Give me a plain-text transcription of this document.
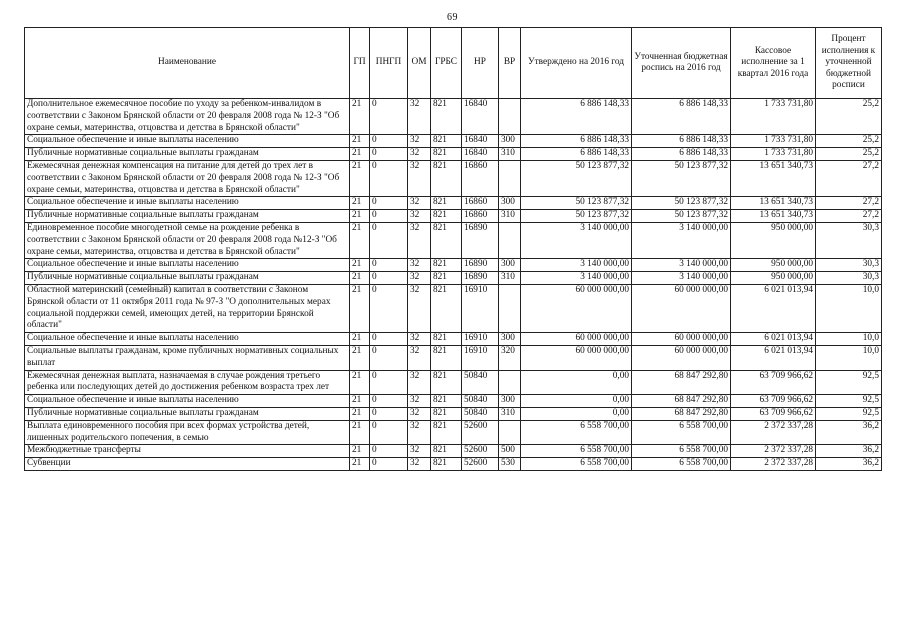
69
Наименование	ГП	ПНГП	ОМ	ГРБС	НР	ВР	Утверждено на 2016 год	Уточненная бюджетная роспись на 2016 год	Кассовое исполнение за 1 квартал 2016 года	Процент исполнения к уточненной бюджетной росписи
Дополнительное ежемесячное пособие по уходу за ребенком-инвалидом в соответствии с Законом Брянской области от 20 февраля 2008 года № 12-З "Об охране семьи, материнства, отцовства и детства в Брянской области"	21	0	32	821	16840		6 886 148,33	6 886 148,33	1 733 731,80	25,2
Социальное обеспечение и иные выплаты населению	21	0	32	821	16840	300	6 886 148,33	6 886 148,33	1 733 731,80	25,2
Публичные нормативные социальные выплаты гражданам	21	0	32	821	16840	310	6 886 148,33	6 886 148,33	1 733 731,80	25,2
Ежемесячная денежная компенсация на питание для детей до трех лет в соответствии с Законом Брянской области от 20 февраля 2008 года № 12-З "Об охране семьи, материнства, отцовства и детства в Брянской области"	21	0	32	821	16860		50 123 877,32	50 123 877,32	13 651 340,73	27,2
Социальное обеспечение и иные выплаты населению	21	0	32	821	16860	300	50 123 877,32	50 123 877,32	13 651 340,73	27,2
Публичные нормативные социальные выплаты гражданам	21	0	32	821	16860	310	50 123 877,32	50 123 877,32	13 651 340,73	27,2
Единовременное пособие многодетной семье на рождение ребенка в соответствии с Законом Брянской области от 20 февраля 2008 года №12-З "Об охране семьи, материнства, отцовства и детства в Брянской области"	21	0	32	821	16890		3 140 000,00	3 140 000,00	950 000,00	30,3
Социальное обеспечение и иные выплаты населению	21	0	32	821	16890	300	3 140 000,00	3 140 000,00	950 000,00	30,3
Публичные нормативные социальные выплаты гражданам	21	0	32	821	16890	310	3 140 000,00	3 140 000,00	950 000,00	30,3
Областной материнский (семейный) капитал в соответствии с Законом Брянской области от 11 октября 2011 года № 97-З "О дополнительных мерах социальной поддержки семей, имеющих детей, на территории Брянской области"	21	0	32	821	16910		60 000 000,00	60 000 000,00	6 021 013,94	10,0
Социальное обеспечение и иные выплаты населению	21	0	32	821	16910	300	60 000 000,00	60 000 000,00	6 021 013,94	10,0
Социальные выплаты гражданам, кроме публичных нормативных социальных выплат	21	0	32	821	16910	320	60 000 000,00	60 000 000,00	6 021 013,94	10,0
Ежемесячная денежная выплата, назначаемая в случае рождения третьего ребенка или последующих детей до достижения ребенком возраста трех лет	21	0	32	821	50840		0,00	68 847 292,80	63 709 966,62	92,5
Социальное обеспечение и иные выплаты населению	21	0	32	821	50840	300	0,00	68 847 292,80	63 709 966,62	92,5
Публичные нормативные социальные выплаты гражданам	21	0	32	821	50840	310	0,00	68 847 292,80	63 709 966,62	92,5
Выплата единовременного пособия при всех формах устройства детей, лишенных родительского попечения, в семью	21	0	32	821	52600		6 558 700,00	6 558 700,00	2 372 337,28	36,2
Межбюджетные трансферты	21	0	32	821	52600	500	6 558 700,00	6 558 700,00	2 372 337,28	36,2
Субвенции	21	0	32	821	52600	530	6 558 700,00	6 558 700,00	2 372 337,28	36,2
